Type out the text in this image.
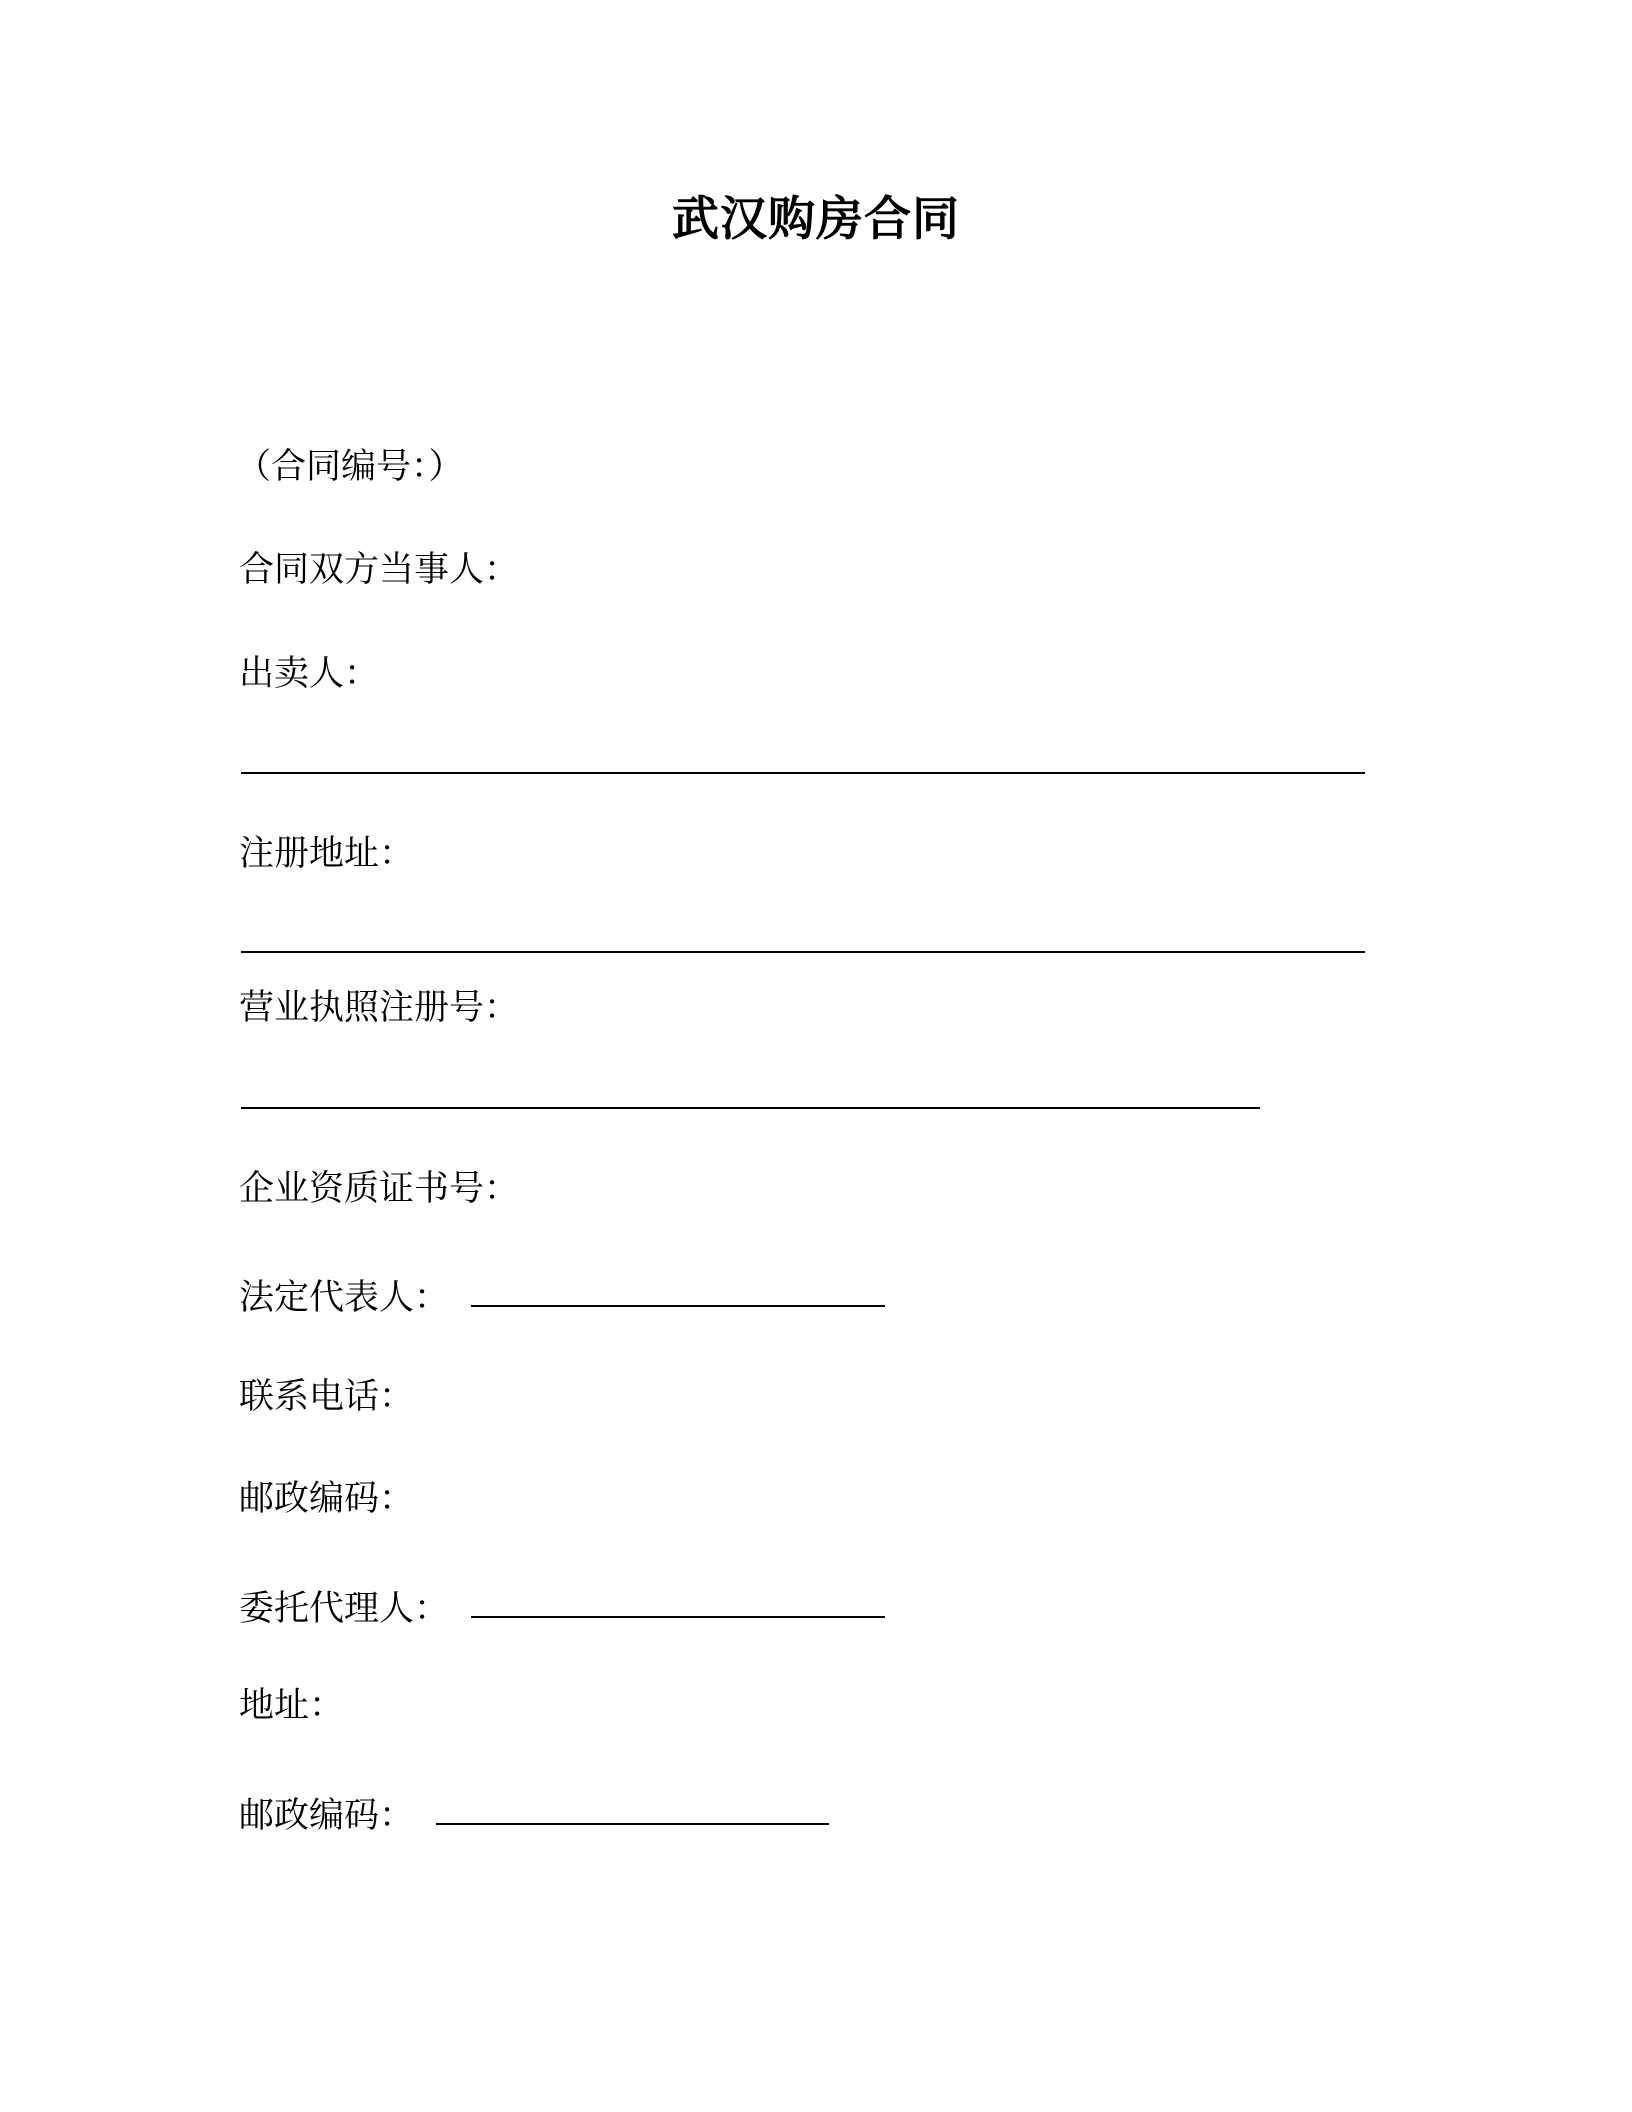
武汉购房合同
（合同编号：）
合同双方当事人：
出卖人：
注册地址：
营业执照注册号：
企业资质证书号：
法定代表人：
联系电话：
邮政编码：
委托代理人：
地址：
邮政编码：
